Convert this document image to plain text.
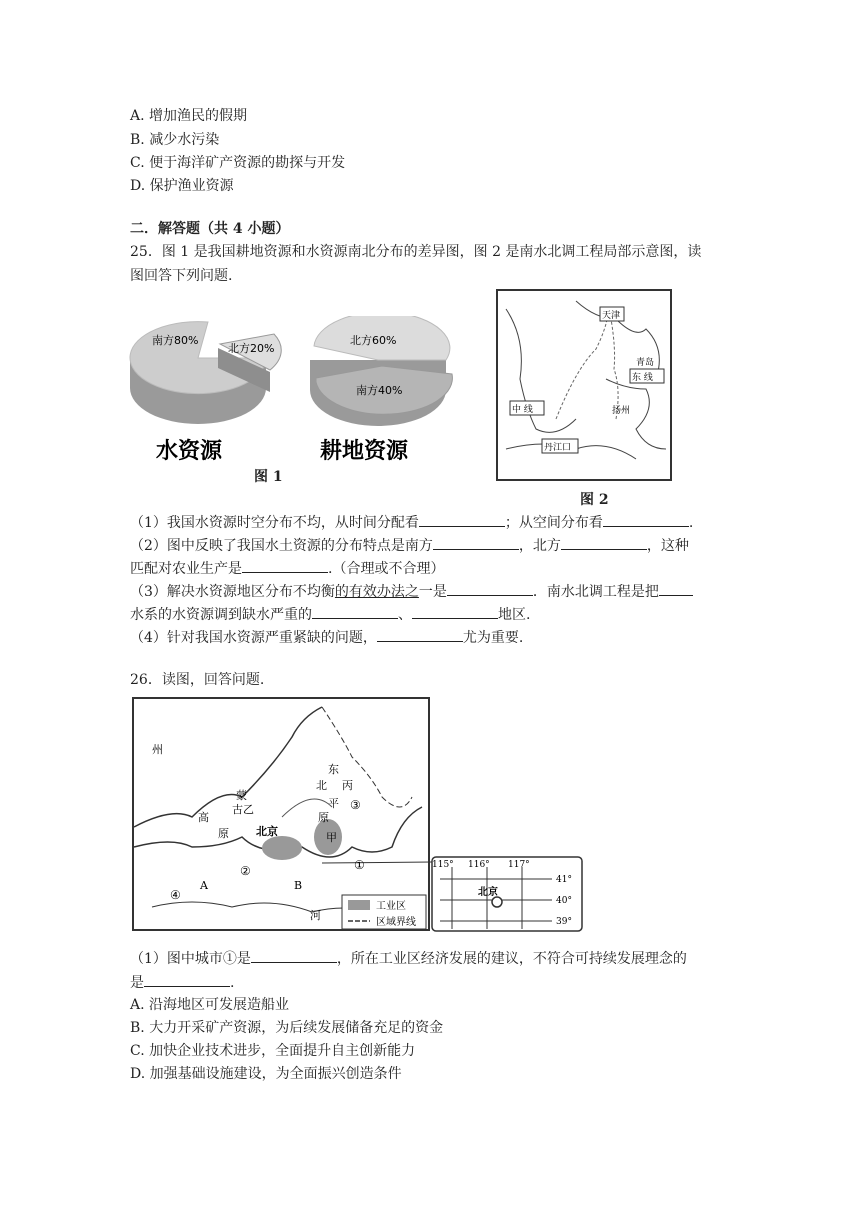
A. 增加渔民的假期
B. 减少水污染
C. 便于海洋矿产资源的勘探与开发
D. 保护渔业资源
二．解答题（共 4 小题）
25．图 1 是我国耕地资源和水资源南北分布的差异图，图 2 是南水北调工程局部示意图，读
图回答下列问题.
南方80%
北方20%
水资源
北方60%
南方40%
耕地资源
图 1
天津
中 线
东 线
青岛
扬州
丹江口
图 2
（1）我国水资源时空分布不均，从时间分配看	；从空间分布看	.
（2）图中反映了我国水土资源的分布特点是南方	，北方	，这种
匹配对农业生产是	.（合理或不合理）
（3）解决水资源地区分布不均衡的有效办法之一是	．南水北调工程是把
水系的水资源调到缺水严重的	、	地区.
（4）针对我国水资源严重紧缺的问题，	尤为重要.
26．读图，回答问题.
东
北 丙
平
原
蒙
古乙
高
原 北京	甲
A	B
①
②
③
④
州
河
工业区
区域界线
115° 116° 117°
41°
40°
39°
北京
（1）图中城市①是	，所在工业区经济发展的建议，不符合可持续发展理念的
是	.
A. 沿海地区可发展造船业
B. 大力开采矿产资源，为后续发展储备充足的资金
C. 加快企业技术进步，全面提升自主创新能力
D. 加强基础设施建设，为全面振兴创造条件
